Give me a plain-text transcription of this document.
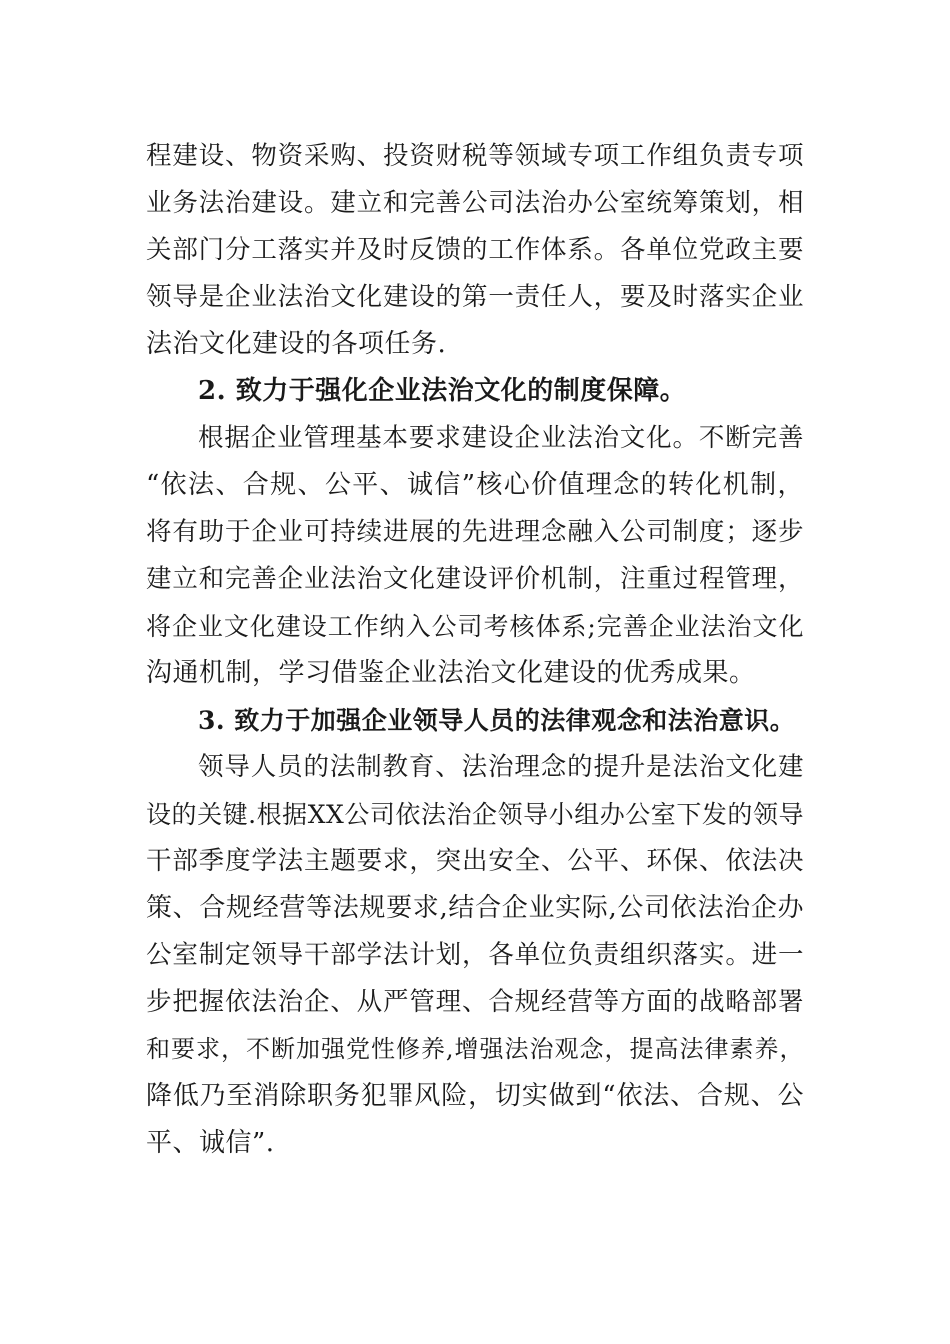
程建设、物资采购、投资财税等领域专项工作组负责专项
业务法治建设。建立和完善公司法治办公室统筹策划，相
关部门分工落实并及时反馈的工作体系。各单位党政主要
领导是企业法治文化建设的第一责任人，要及时落实企业
法治文化建设的各项任务.
2. 致力于强化企业法治文化的制度保障。
根据企业管理基本要求建设企业法治文化。不断完善
“依法、合规、公平、诚信”核心价值理念的转化机制，
将有助于企业可持续进展的先进理念融入公司制度；逐步
建立和完善企业法治文化建设评价机制，注重过程管理，
将企业文化建设工作纳入公司考核体系;完善企业法治文化
沟通机制，学习借鉴企业法治文化建设的优秀成果。
3. 致力于加强企业领导人员的法律观念和法治意识。
领导人员的法制教育、法治理念的提升是法治文化建
设的关键.根据XX公司依法治企领导小组办公室下发的领导
干部季度学法主题要求，突出安全、公平、环保、依法决
策、合规经营等法规要求,结合企业实际,公司依法治企办
公室制定领导干部学法计划，各单位负责组织落实。进一
步把握依法治企、从严管理、合规经营等方面的战略部署
和要求，不断加强党性修养,增强法治观念，提高法律素养，
降低乃至消除职务犯罪风险，切实做到“依法、合规、公
平、诚信”.
